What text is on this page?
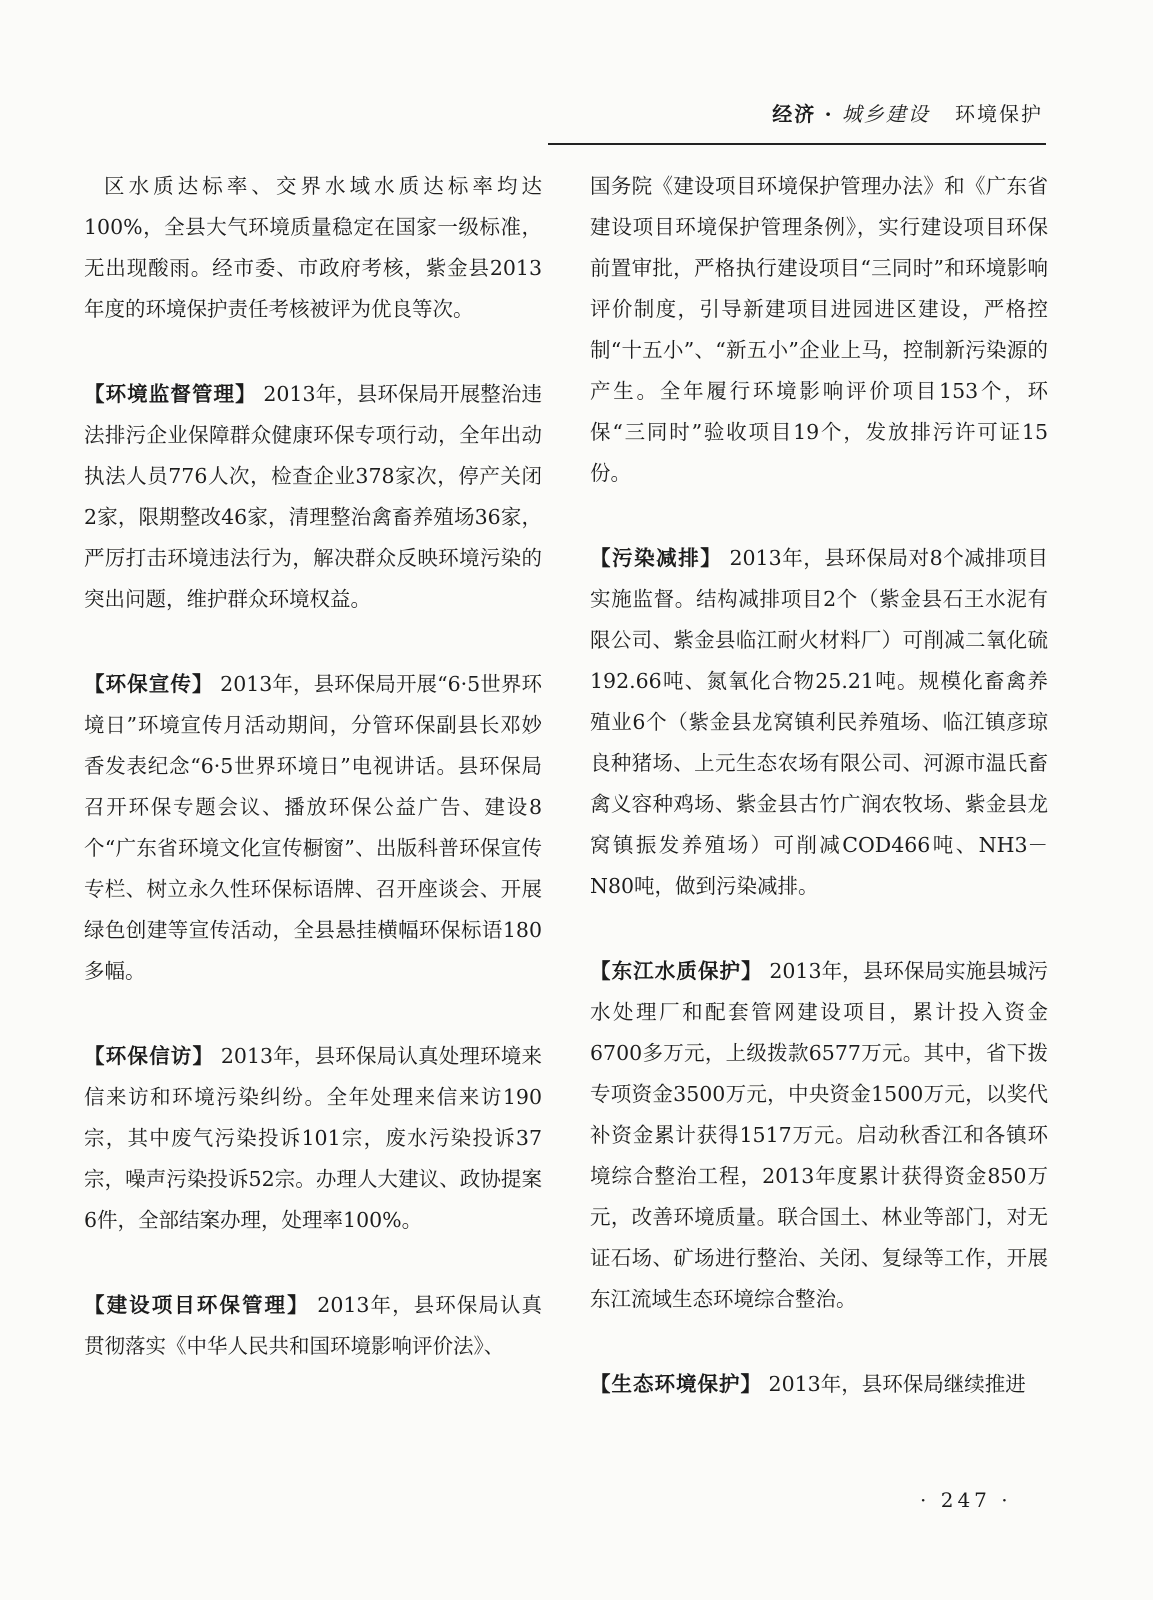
经济 · 城乡建设 环境保护

区水质达标率、交界水域水质达标率均达100%，全县大气环境质量稳定在国家一级标准，无出现酸雨。经市委、市政府考核，紫金县2013年度的环境保护责任考核被评为优良等次。

【环境监督管理】 2013年，县环保局开展整治违法排污企业保障群众健康环保专项行动，全年出动执法人员776人次，检查企业378家次，停产关闭2家，限期整改46家，清理整治禽畜养殖场36家，严厉打击环境违法行为，解决群众反映环境污染的突出问题，维护群众环境权益。

【环保宣传】 2013年，县环保局开展“6·5世界环境日”环境宣传月活动期间，分管环保副县长邓妙香发表纪念“6·5世界环境日”电视讲话。县环保局召开环保专题会议、播放环保公益广告、建设8个“广东省环境文化宣传橱窗”、出版科普环保宣传专栏、树立永久性环保标语牌、召开座谈会、开展绿色创建等宣传活动，全县悬挂横幅环保标语180多幅。

【环保信访】 2013年，县环保局认真处理环境来信来访和环境污染纠纷。全年处理来信来访190宗，其中废气污染投诉101宗，废水污染投诉37宗，噪声污染投诉52宗。办理人大建议、政协提案6件，全部结案办理，处理率100%。

【建设项目环保管理】 2013年，县环保局认真贯彻落实《中华人民共和国环境影响评价法》、

国务院《建设项目环境保护管理办法》和《广东省建设项目环境保护管理条例》，实行建设项目环保前置审批，严格执行建设项目“三同时”和环境影响评价制度，引导新建项目进园进区建设，严格控制“十五小”、“新五小”企业上马，控制新污染源的产生。全年履行环境影响评价项目153个，环保“三同时”验收项目19个，发放排污许可证15份。

【污染减排】 2013年，县环保局对8个减排项目实施监督。结构减排项目2个（紫金县石王水泥有限公司、紫金县临江耐火材料厂）可削减二氧化硫192.66吨、氮氧化合物25.21吨。规模化畜禽养殖业6个（紫金县龙窝镇利民养殖场、临江镇彦琼良种猪场、上元生态农场有限公司、河源市温氏畜禽义容种鸡场、紫金县古竹广润农牧场、紫金县龙窝镇振发养殖场）可削减COD466吨、NH3－N80吨，做到污染减排。

【东江水质保护】 2013年，县环保局实施县城污水处理厂和配套管网建设项目，累计投入资金6700多万元，上级拨款6577万元。其中，省下拨专项资金3500万元，中央资金1500万元，以奖代补资金累计获得1517万元。启动秋香江和各镇环境综合整治工程，2013年度累计获得资金850万元，改善环境质量。联合国土、林业等部门，对无证石场、矿场进行整治、关闭、复绿等工作，开展东江流域生态环境综合整治。

【生态环境保护】 2013年，县环保局继续推进

· 247 ·
